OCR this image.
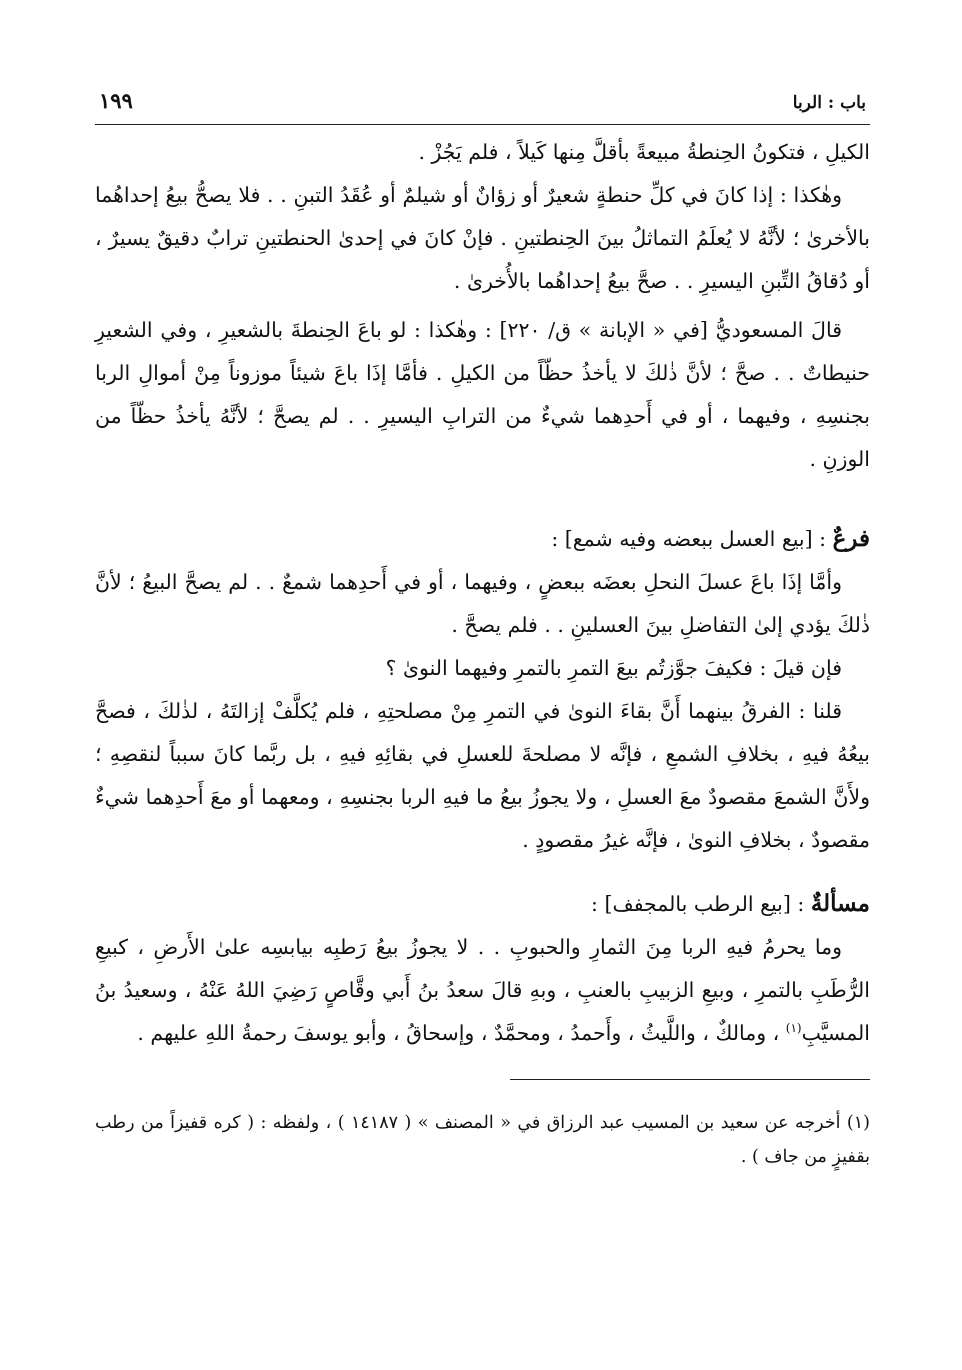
باب : الربا
١٩٩

الكيلِ ، فتكونُ الحِنطةُ مبيعةً بأقلَّ مِنها كَيلاً ، فلم يَجُزْ .

وهٰكذا : إذا كانَ في كلِّ حنطةٍ شعيرٌ أو زؤانٌ أو شيلمٌ أو عُقَدُ التبنِ . . فلا يصحُّ بيعُ إحداهُما بالأخرىٰ ؛ لأنَّهُ لا يُعلَمُ التماثلُ بينَ الحِنطتينِ . فإنْ كانَ في إحدىٰ الحنطتينِ ترابٌ دقيقٌ يسيرٌ ، أو دُقاقُ التِّبنِ اليسيرِ . . صحَّ بيعُ إحداهُما بالأُخرىٰ .

قالَ المسعوديُّ [في « الإبانة » ق/ ٢٢٠] : وهٰكذا : لو باعَ الحِنطةَ بالشعيرِ ، وفي الشعيرِ حنيطاتٌ . . صحَّ ؛ لأنَّ ذٰلكَ لا يأخذُ حظّاً من الكيلِ . فأمَّا إذَا باعَ شيئاً موزوناً مِنْ أموالِ الربا بجنسِهِ ، وفيهما ، أو في أَحدِهما شيءٌ من الترابِ اليسيرِ . . لم يصحَّ ؛ لأنَّهُ يأخذُ حظّاً من الوزنِ .

فرعٌ : [بيع العسل ببعضه وفيه شمع] :

وأمَّا إذَا باعَ عسلَ النحلِ بعضَه ببعضٍ ، وفيهما ، أو في أَحدِهما شمعٌ . . لم يصحَّ البيعُ ؛ لأنَّ ذٰلكَ يؤدي إلىٰ التفاضلِ بينَ العسلينِ . . فلم يصحَّ .

فإن قيلَ : فكيفَ جوَّزتُم بيعَ التمرِ بالتمرِ وفيهما النوىٰ ؟

قلنا : الفرقُ بينهما أَنَّ بقاءَ النوىٰ في التمرِ مِنْ مصلحتِهِ ، فلم يُكلَّفْ إزالتَهُ ، لذٰلكَ ، فصحَّ بيعُهُ فيهِ ، بخلافِ الشمعِ ، فإنَّه لا مصلحةَ للعسلِ في بقائِهِ فيهِ ، بل ربَّما كانَ سبباً لنقصِهِ ؛ ولأَنَّ الشمعَ مقصودٌ معَ العسلِ ، ولا يجوزُ بيعُ ما فيهِ الربا بجنسِهِ ، ومعهما أو معَ أَحدِهما شيءٌ مقصودٌ ، بخلافِ النوىٰ ، فإنَّه غيرُ مقصودٍ .

مسألةٌ : [بيع الرطب بالمجفف] :

وما يحرمُ فيهِ الربا مِنَ الثمارِ والحبوبِ . . لا يجوزُ بيعُ رَطبِه بيابسِه علىٰ الأَرضِ ، كبيعِ الرُّطَبِ بالتمرِ ، وبيعِ الزبيبِ بالعنبِ ، وبهِ قالَ سعدُ بنُ أَبي وقَّاصٍ رَضِيَ اللهُ عَنْهُ ، وسعيدُ بنُ المسيَّبِ$^{(١)}$ ، ومالكٌ ، واللَّيثُ ، وأَحمدُ ، ومحمَّدٌ ، وإسحاقُ ، وأبو يوسفَ رحمةُ اللهِ عليهم .

(١) أخرجه عن سعيد بن المسيب عبد الرزاق في « المصنف » ( ١٤١٨٧ ) ، ولفظه : ( كره قفيزاً من رطب بقفيزٍ من جاف ) .
